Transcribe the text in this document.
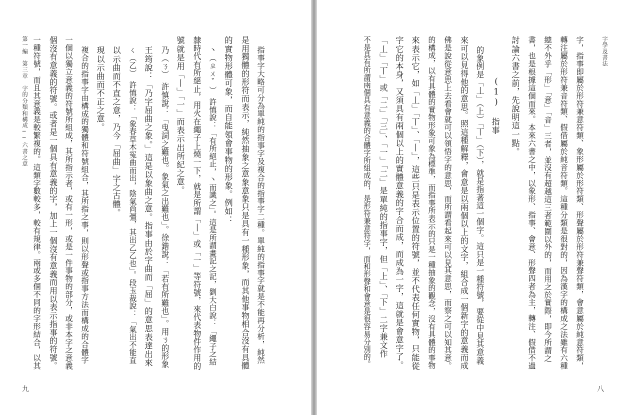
第一編　第三章　字的分類和構成──六書之意
九
一種符號，而且其意義是較繁複的。這類字數較多，較有規律。兩或多個不同的字形結合，以其 個沒有意義的符號。或者是一個具有意義的字，加上一個沒有意義而用以表示指事的符號。 一個以獨立意義的符號所組成，其所指示者，或有一形，或是一件事物的部分，或非本字之意義 複合的指事字由構成的獨體和符號組合，其所指之事，則以形聲或指事方法而構成的合體字 現以示曲而不正之意。 以示曲而不直之意，乃今「屈曲」字之古體。 ㄑ（乙）　許慎說：「象春草木冤曲而出，陰氣尚彊，其出乙乙也」。段玉裁說：「氣出不能直 王筠說：「乃字屈曲之象。」這是以象曲之意。指事由於字曲而「屈」的意思表達出來 乃（ㄋ）　許慎說：「曳詞之難也。象氣之出難也」。徐鍇說：「若有所難也」。用ㄋ的形象 號就是用「丨」「一」而表示出所紀之意。 隸時代有所絕止，用火在繩子上燒一下，就是所謂「丨」或「一」等符號，來代表物件作用的 丶（ㄓㄨˇ）　許慎說：「有所絕止，丶而識之」。這是所謂畫記之記，劉大白說：「繩子之結 的實物形體可象，而自能領會事物的形象。例如： 是用獨體的形符而表示，純然抽象之意象意象只是具有一種形象，而其他事物相合沒有具體 指事字大略可分為單純的指事字及複合的指事字二種。單純的指事字就是不能再分析，純然	字學及書法
八
字，指事即屬於形符兼意符類、象形屬於形符類、形聲屬於形符兼聲符類，會意屬於純意符類，
轉注屬於形符兼音符類、假借屬於純音符類。這種分類是很對的，因為漢字的構成之法雖有六種
總不外乎「形」「意」「音」三者，並沒有超越這三者範圍以外的，而用之於實際，即今所謂之
書，也是根據這個而來。本來六書之中，以象形、指事、會意、形聲四者為主，轉注、假借不過
討論六書之前，先說明這一點。
(1) 指事
的象例是「丄」（上）「丅」（下），就是指著這一個字。這只是一種符號，要從中見其意義
來可以見得他的意思。照這種解釋，會意是以兩個以上的文字，組合成一個新字的意義而成
佛是說從意思上去看會就可以領悟字的意思，而所謂看起來可以見其意思，而察之可以知其意。
的構成，以有具體的實物形象可象為標準，而指事所表示的只是一種抽象的觀念，沒有具體的事物
來表示它，如「丄」「丅」、「丨」，這些只是表示位置的符號，並不代表任何實物，只能從
字它的本身，又須具有兩個以上的實體意義的字合而成，而成為一字，這就是會意字了。
「丄」「丅」或「二」「三」、「一」「二」是單純的指事字，但「上」、「下」二字兼文作
不是具有所謂兩個具有意義的合體字所組成的，是形符兼意符字，而和形聲和會意是很容易分別的。
